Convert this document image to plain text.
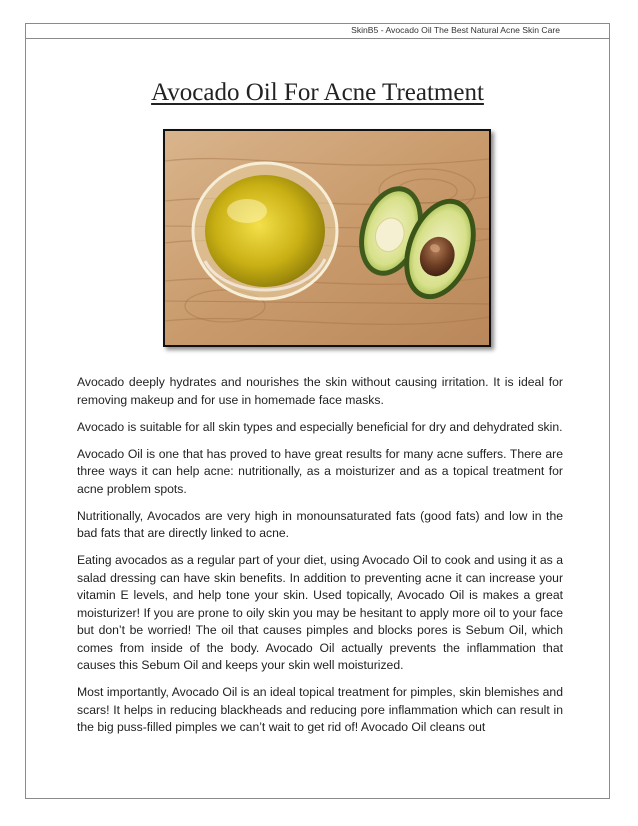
SkinB5 - Avocado Oil The Best Natural Acne Skin Care
Avocado Oil For Acne Treatment

Avocado deeply hydrates and nourishes the skin without causing irritation. It is ideal for removing makeup and for use in homemade face masks.

Avocado is suitable for all skin types and especially beneficial for dry and dehydrated skin.

Avocado Oil is one that has proved to have great results for many acne suffers. There are three ways it can help acne: nutritionally, as a moisturizer and as a topical treatment for acne problem spots.

Nutritionally, Avocados are very high in monounsaturated fats (good fats) and low in the bad fats that are directly linked to acne.

Eating avocados as a regular part of your diet, using Avocado Oil to cook and using it as a salad dressing can have skin benefits. In addition to preventing acne it can increase your vitamin E levels, and help tone your skin. Used topically, Avocado Oil is makes a great moisturizer! If you are prone to oily skin you may be hesitant to apply more oil to your face but don’t be worried! The oil that causes pimples and blocks pores is Sebum Oil, which comes from inside of the body. Avocado Oil actually prevents the inflammation that causes this Sebum Oil and keeps your skin well moisturized.

Most importantly, Avocado Oil is an ideal topical treatment for pimples, skin blemishes and scars! It helps in reducing blackheads and reducing pore inflammation which can result in the big puss-filled pimples we can’t wait to get rid of! Avocado Oil cleans out
